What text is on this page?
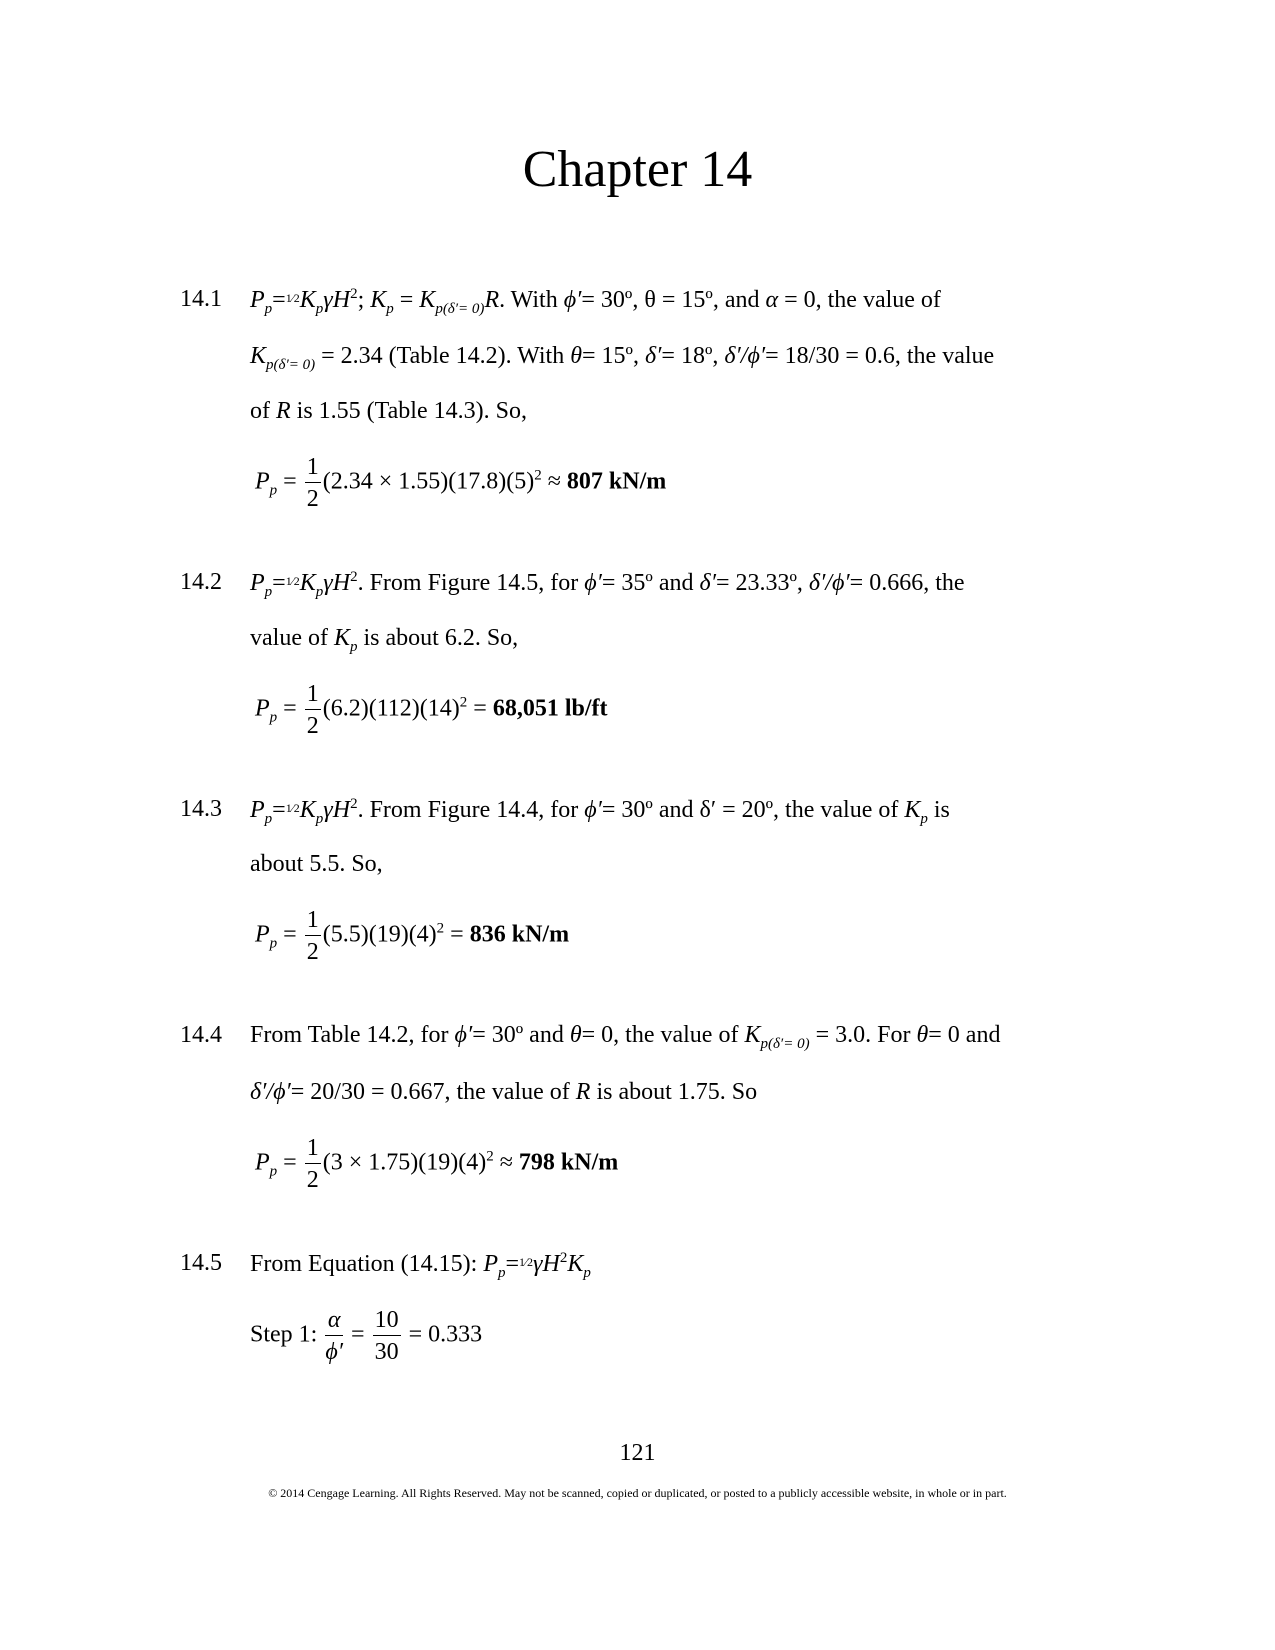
Chapter 14
14.1 $P_p=1⁄2K_p\gamma H^2$; $K_p = K_{p(\delta'= 0)}R$. With ϕ′= 30º, θ = 15º, and α = 0, the value of
$K_{p(\delta'= 0)} = 2.34$ (Table 14.2). With θ= 15º, δ′= 18º, δ′/ϕ′= 18/30 = 0.6, the value
of R is 1.55 (Table 14.3). So,
$P_p = \frac{1}{2} (2.34 \times 1.55)(17.8)(5)^2 \approx 807$ kN/m
14.2 $P_p=1⁄2K_p\gamma H^2$. From Figure 14.5, for ϕ′= 35º and δ′= 23.33º, δ′/ϕ′= 0.666, the
value of $K_p$ is about 6.2. So,
$P_p = \frac{1}{2} (6.2)(112)(14)^2 = 68,051$ lb/ft
14.3 $P_p=1⁄2K_p\gamma H^2$. From Figure 14.4, for ϕ′= 30º and δ′ = 20º, the value of $K_p$ is
about 5.5. So,
$P_p = \frac{1}{2} (5.5)(19)(4)^2 = 836$ kN/m
14.4 From Table 14.2, for ϕ′= 30º and θ= 0, the value of $K_{p(\delta'= 0)} = 3.0$. For θ= 0 and
δ′/ϕ′= 20/30 = 0.667, the value of R is about 1.75. So
$P_p = \frac{1}{2} (3 \times 1.75)(19)(4)^2 \approx 798$ kN/m
14.5 From Equation (14.15): $P_p=1⁄2\gamma H^2K_p$
Step 1: $\frac{\alpha}{\phi'} = \frac{10}{30} = 0.333$
121
© 2014 Cengage Learning. All Rights Reserved. May not be scanned, copied or duplicated, or posted to a publicly accessible website, in whole or in part.
